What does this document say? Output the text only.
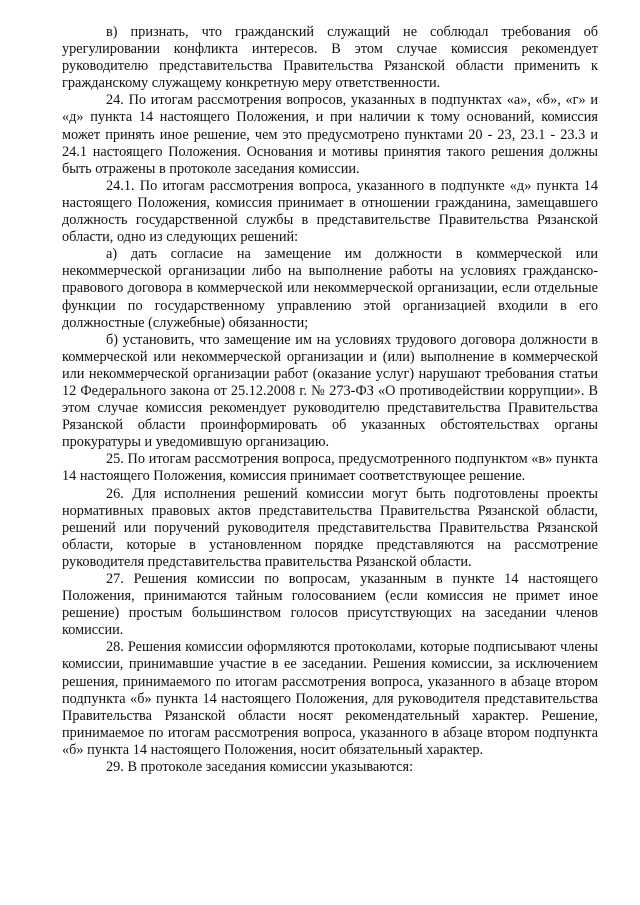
в) признать, что гражданский служащий не соблюдал требования об урегулировании конфликта интересов. В этом случае комиссия рекомендует руководителю представительства Правительства Рязанской области применить к гражданскому служащему конкретную меру ответственности.

24. По итогам рассмотрения вопросов, указанных в подпунктах «а», «б», «г» и «д» пункта 14 настоящего Положения, и при наличии к тому оснований, комиссия может принять иное решение, чем это предусмотрено пунктами 20 - 23, 23.1 - 23.3 и 24.1 настоящего Положения. Основания и мотивы принятия такого решения должны быть отражены в протоколе заседания комиссии.

24.1. По итогам рассмотрения вопроса, указанного в подпункте «д» пункта 14 настоящего Положения, комиссия принимает в отношении гражданина, замещавшего должность государственной службы в представительстве Правительства Рязанской области, одно из следующих решений:

а) дать согласие на замещение им должности в коммерческой или некоммерческой организации либо на выполнение работы на условиях гражданско-правового договора в коммерческой или некоммерческой организации, если отдельные функции по государственному управлению этой организацией входили в его должностные (служебные) обязанности;

б) установить, что замещение им на условиях трудового договора должности в коммерческой или некоммерческой организации и (или) выполнение в коммерческой или некоммерческой организации работ (оказание услуг) нарушают требования статьи 12 Федерального закона от 25.12.2008 г. № 273-ФЗ «О противодействии коррупции». В этом случае комиссия рекомендует руководителю представительства Правительства Рязанской области проинформировать об указанных обстоятельствах органы прокуратуры и уведомившую организацию.

25. По итогам рассмотрения вопроса, предусмотренного подпунктом «в» пункта 14 настоящего Положения, комиссия принимает соответствующее решение.

26. Для исполнения решений комиссии могут быть подготовлены проекты нормативных правовых актов представительства Правительства Рязанской области, решений или поручений руководителя представительства Правительства Рязанской области, которые в установленном порядке представляются на рассмотрение руководителя представительства правительства Рязанской области.

27. Решения комиссии по вопросам, указанным в пункте 14 настоящего Положения, принимаются тайным голосованием (если комиссия не примет иное решение) простым большинством голосов присутствующих на заседании членов комиссии.

28. Решения комиссии оформляются протоколами, которые подписывают члены комиссии, принимавшие участие в ее заседании. Решения комиссии, за исключением решения, принимаемого по итогам рассмотрения вопроса, указанного в абзаце втором подпункта «б» пункта 14 настоящего Положения, для руководителя представительства Правительства Рязанской области носят рекомендательный характер. Решение, принимаемое по итогам рассмотрения вопроса, указанного в абзаце втором подпункта «б» пункта 14 настоящего Положения, носит обязательный характер.

29. В протоколе заседания комиссии указываются:
